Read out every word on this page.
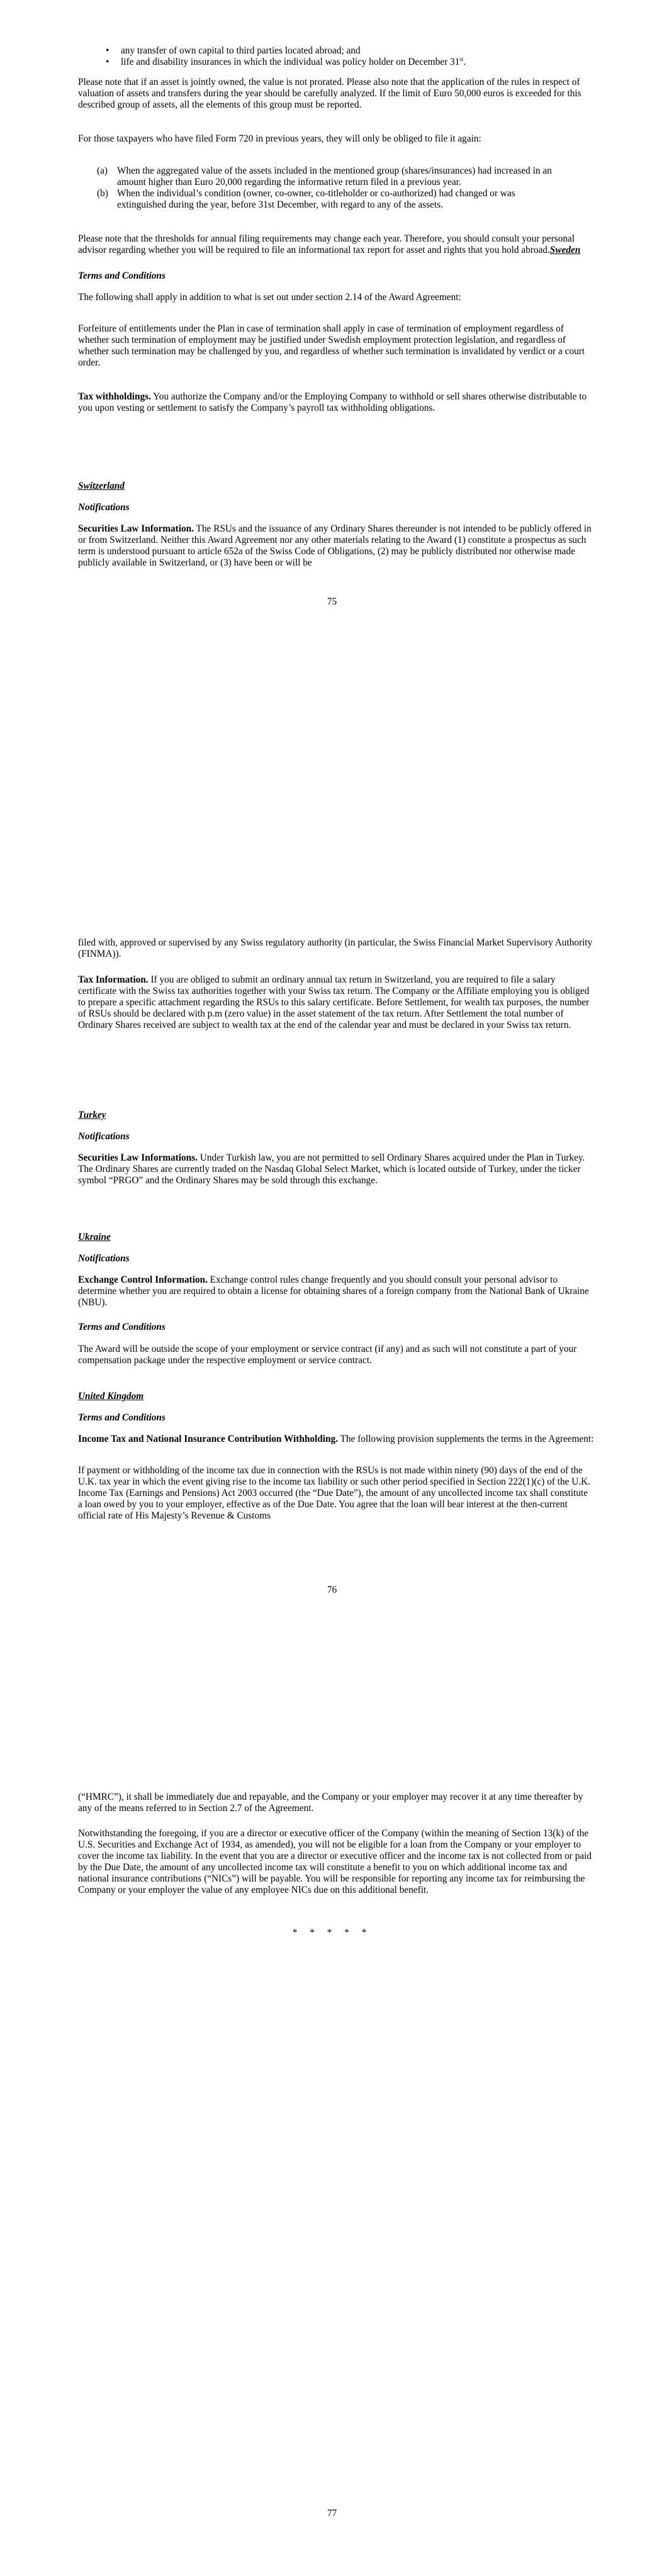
• any transfer of own capital to third parties located abroad; and
• life and disability insurances in which the individual was policy holder on December 31st.

Please note that if an asset is jointly owned, the value is not prorated. Please also note that the application of the rules in respect of valuation of assets and transfers during the year should be carefully analyzed. If the limit of Euro 50,000 euros is exceeded for this described group of assets, all the elements of this group must be reported.

For those taxpayers who have filed Form 720 in previous years, they will only be obliged to file it again:

(a) When the aggregated value of the assets included in the mentioned group (shares/insurances) had increased in an amount higher than Euro 20,000 regarding the informative return filed in a previous year.
(b) When the individual’s condition (owner, co-owner, co-titleholder or co-authorized) had changed or was extinguished during the year, before 31st December, with regard to any of the assets.

Please note that the thresholds for annual filing requirements may change each year. Therefore, you should consult your personal advisor regarding whether you will be required to file an informational tax report for asset and rights that you hold abroad.Sweden

Terms and Conditions

The following shall apply in addition to what is set out under section 2.14 of the Award Agreement:

Forfeiture of entitlements under the Plan in case of termination shall apply in case of termination of employment regardless of whether such termination of employment may be justified under Swedish employment protection legislation, and regardless of whether such termination may be challenged by you, and regardless of whether such termination is invalidated by verdict or a court order.

Tax withholdings. You authorize the Company and/or the Employing Company to withhold or sell shares otherwise distributable to you upon vesting or settlement to satisfy the Company’s payroll tax withholding obligations.

Switzerland

Notifications

Securities Law Information. The RSUs and the issuance of any Ordinary Shares thereunder is not intended to be publicly offered in or from Switzerland. Neither this Award Agreement nor any other materials relating to the Award (1) constitute a prospectus as such term is understood pursuant to article 652a of the Swiss Code of Obligations, (2) may be publicly distributed nor otherwise made publicly available in Switzerland, or (3) have been or will be

75

filed with, approved or supervised by any Swiss regulatory authority (in particular, the Swiss Financial Market Supervisory Authority (FINMA)).

Tax Information. If you are obliged to submit an ordinary annual tax return in Switzerland, you are required to file a salary certificate with the Swiss tax authorities together with your Swiss tax return. The Company or the Affiliate employing you is obliged to prepare a specific attachment regarding the RSUs to this salary certificate. Before Settlement, for wealth tax purposes, the number of RSUs should be declared with p.m (zero value) in the asset statement of the tax return. After Settlement the total number of Ordinary Shares received are subject to wealth tax at the end of the calendar year and must be declared in your Swiss tax return.

Turkey

Notifications

Securities Law Informations. Under Turkish law, you are not permitted to sell Ordinary Shares acquired under the Plan in Turkey. The Ordinary Shares are currently traded on the Nasdaq Global Select Market, which is located outside of Turkey, under the ticker symbol “PRGO” and the Ordinary Shares may be sold through this exchange.

Ukraine

Notifications

Exchange Control Information. Exchange control rules change frequently and you should consult your personal advisor to determine whether you are required to obtain a license for obtaining shares of a foreign company from the National Bank of Ukraine (NBU).

Terms and Conditions

The Award will be outside the scope of your employment or service contract (if any) and as such will not constitute a part of your compensation package under the respective employment or service contract.

United Kingdom

Terms and Conditions

Income Tax and National Insurance Contribution Withholding. The following provision supplements the terms in the Agreement:

If payment or withholding of the income tax due in connection with the RSUs is not made within ninety (90) days of the end of the U.K. tax year in which the event giving rise to the income tax liability or such other period specified in Section 222(1)(c) of the U.K. Income Tax (Earnings and Pensions) Act 2003 occurred (the “Due Date”), the amount of any uncollected income tax shall constitute a loan owed by you to your employer, effective as of the Due Date. You agree that the loan will bear interest at the then-current official rate of His Majesty’s Revenue & Customs

76

(“HMRC”), it shall be immediately due and repayable, and the Company or your employer may recover it at any time thereafter by any of the means referred to in Section 2.7 of the Agreement.

Notwithstanding the foregoing, if you are a director or executive officer of the Company (within the meaning of Section 13(k) of the U.S. Securities and Exchange Act of 1934, as amended), you will not be eligible for a loan from the Company or your employer to cover the income tax liability. In the event that you are a director or executive officer and the income tax is not collected from or paid by the Due Date, the amount of any uncollected income tax will constitute a benefit to you on which additional income tax and national insurance contributions (“NICs”) will be payable. You will be responsible for reporting any income tax for reimbursing the Company or your employer the value of any employee NICs due on this additional benefit.

* * * * *
77
